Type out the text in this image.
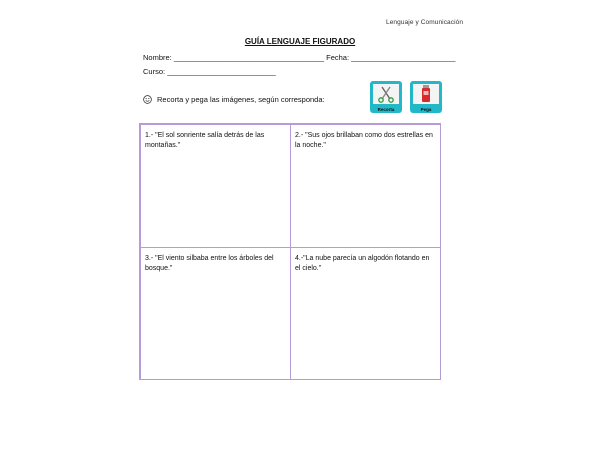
Lenguaje y Comunicación
GUÍA LENGUAJE FIGURADO
Nombre: ____________________________________ Fecha: _________________________
Curso: __________________________
Recorta y pega las imágenes, según corresponda:
Recorta	Pega
1.- "El sol sonriente salía detrás de las montañas."
2.- "Sus ojos brillaban como dos estrellas en la noche."
3.- "El viento silbaba entre los árboles del bosque."
4.-"La nube parecía un algodón flotando en el cielo."
